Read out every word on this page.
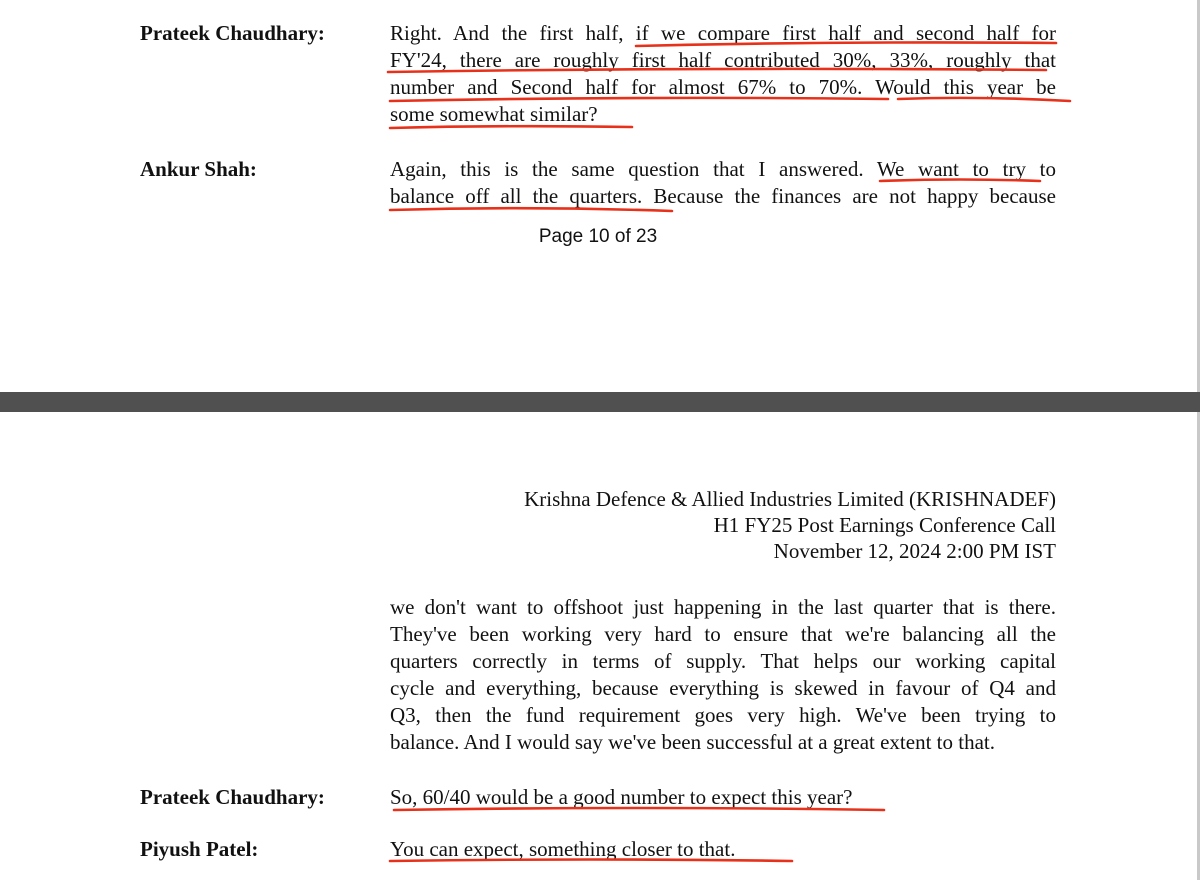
Prateek Chaudhary:	Right. And the first half, if we compare first half and second half for
FY'24, there are roughly first half contributed 30%, 33%, roughly that
number and Second half for almost 67% to 70%. Would this year be
some somewhat similar?
Ankur Shah:	Again, this is the same question that I answered. We want to try to
balance off all the quarters. Because the finances are not happy because
Page 10 of 23
Krishna Defence & Allied Industries Limited (KRISHNADEF)
H1 FY25 Post Earnings Conference Call
November 12, 2024 2:00 PM IST
we don't want to offshoot just happening in the last quarter that is there.
They've been working very hard to ensure that we're balancing all the
quarters correctly in terms of supply. That helps our working capital
cycle and everything, because everything is skewed in favour of Q4 and
Q3, then the fund requirement goes very high. We've been trying to
balance. And I would say we've been successful at a great extent to that.
Prateek Chaudhary:	So, 60/40 would be a good number to expect this year?
Piyush Patel:	You can expect, something closer to that.
